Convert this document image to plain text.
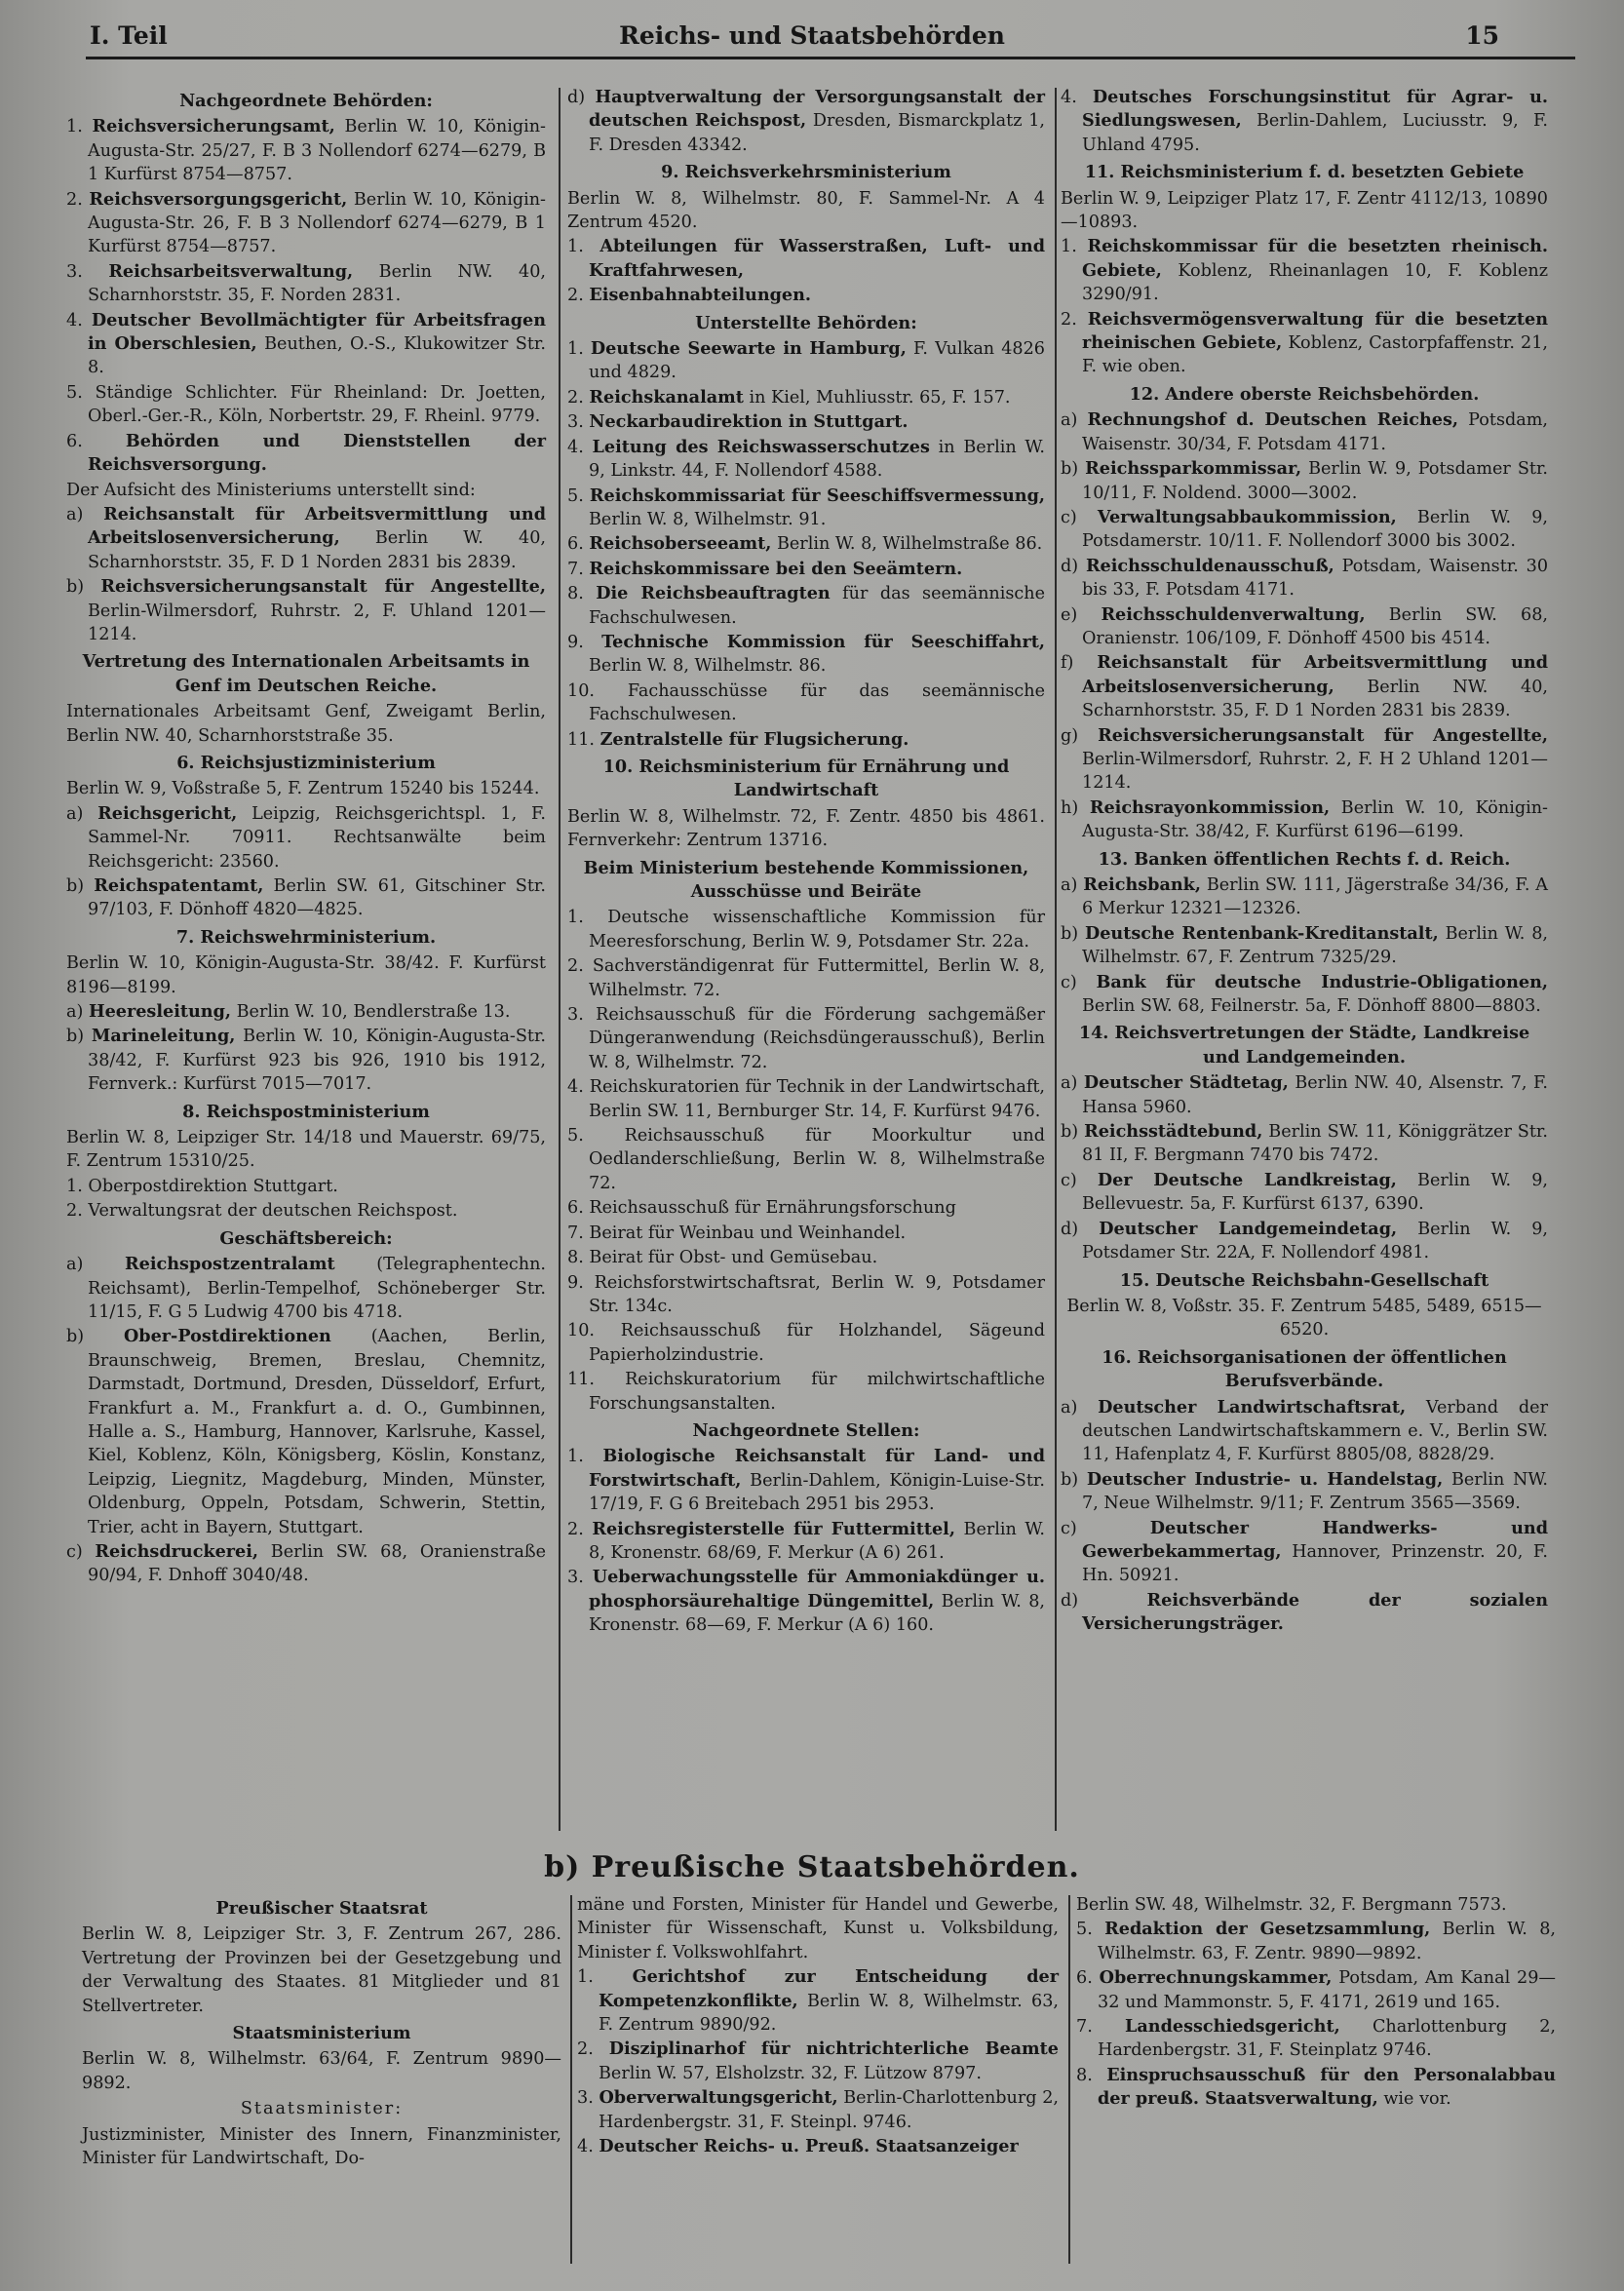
I. Teil	Reichs- und Staatsbehörden	15

Nachgeordnete Behörden:

1. Reichsversicherungsamt, Berlin W. 10, Königin-Augusta-Str. 25/27, F. B 3 Nollendorf 6274—6279, B 1 Kurfürst 8754—8757.

2. Reichsversorgungsgericht, Berlin W. 10, Königin-Augusta-Str. 26, F. B 3 Nollendorf 6274—6279, B 1 Kurfürst 8754—8757.

3. Reichsarbeitsverwaltung, Berlin NW. 40, Scharnhorststr. 35, F. Norden 2831.

4. Deutscher Bevollmächtigter für Arbeitsfragen in Oberschlesien, Beuthen, O.-S., Klukowitzer Str. 8.

5. Ständige Schlichter. Für Rheinland: Dr. Joetten, Oberl.-Ger.-R., Köln, Norbertstr. 29, F. Rheinl. 9779.

6.	Behörden und Dienststellen der Reichsversorgung.

Der Aufsicht des Ministeriums unterstellt sind:

a) Reichsanstalt für Arbeitsvermittlung und Arbeitslosenversicherung, Berlin W. 40, Scharnhorststr. 35, F. D 1 Norden 2831 bis 2839.

b) Reichsversicherungsanstalt für Angestellte, Berlin-Wilmersdorf, Ruhrstr. 2, F. Uhland 1201—1214.

Vertretung des Internationalen Arbeitsamts in Genf im Deutschen Reiche.

Internationales Arbeitsamt Genf, Zweigamt Berlin, Berlin NW. 40, Scharnhorststraße 35.

6. Reichsjustizministerium

Berlin W. 9, Voßstraße 5, F. Zentrum 15240 bis 15244.

a) Reichsgericht, Leipzig, Reichsgerichtspl. 1, F. Sammel-Nr. 70911. Rechtsanwälte beim Reichsgericht: 23560.

b) Reichspatentamt, Berlin SW. 61, Gitschiner Str. 97/103, F. Dönhoff 4820—4825.

7. Reichswehrministerium.

Berlin W. 10, Königin-Augusta-Str. 38/42. F. Kurfürst 8196—8199.

a) Heeresleitung, Berlin W. 10, Bendlerstraße 13.

b) Marineleitung, Berlin W. 10, Königin-Augusta-Str. 38/42, F. Kurfürst 923 bis 926, 1910 bis 1912, Fernverk.: Kurfürst 7015—7017.

8. Reichspostministerium

Berlin W. 8, Leipziger Str. 14/18 und Mauerstr. 69/75, F. Zentrum 15310/25.

1. Oberpostdirektion Stuttgart.

2. Verwaltungsrat der deutschen Reichspost.

Geschäftsbereich:

a) Reichspostzentralamt (Telegraphentechn. Reichsamt), Berlin-Tempelhof, Schöneberger Str. 11/15, F. G 5 Ludwig 4700 bis 4718.

b) Ober-Postdirektionen (Aachen, Berlin, Braunschweig, Bremen, Breslau, Chemnitz, Darmstadt, Dortmund, Dresden, Düsseldorf, Erfurt, Frankfurt a. M., Frankfurt a. d. O., Gumbinnen, Halle a. S., Hamburg, Hannover, Karlsruhe, Kassel, Kiel, Koblenz, Köln, Königsberg, Köslin, Konstanz, Leipzig, Liegnitz, Magdeburg, Minden, Münster, Oldenburg, Oppeln, Potsdam, Schwerin, Stettin, Trier, acht in Bayern, Stuttgart.

c) Reichsdruckerei, Berlin SW. 68, Oranienstraße 90/94, F. Dnhoff 3040/48.

d) Hauptverwaltung der Versorgungsanstalt der deutschen Reichspost, Dresden, Bismarckplatz 1, F. Dresden 43342.

9. Reichsverkehrsministerium

Berlin W. 8, Wilhelmstr. 80, F. Sammel-Nr. A 4 Zentrum 4520.

1. Abteilungen für Wasserstraßen, Luft- und Kraftfahrwesen,

2. Eisenbahnabteilungen.

Unterstellte Behörden:

1. Deutsche Seewarte in Hamburg, F. Vulkan 4826 und 4829.

2. Reichskanalamt in Kiel, Muhliusstr. 65, F. 157.

3. Neckarbaudirektion in Stuttgart.

4. Leitung des Reichswasserschutzes in Berlin W. 9, Linkstr. 44, F. Nollendorf 4588.

5. Reichskommissariat für Seeschiffsvermessung, Berlin W. 8, Wilhelmstr. 91.

6. Reichsoberseeamt, Berlin W. 8, Wilhelmstraße 86.

7. Reichskommissare bei den Seeämtern.

8. Die Reichsbeauftragten für das seemännische Fachschulwesen.

9. Technische Kommission für Seeschiffahrt, Berlin W. 8, Wilhelmstr. 86.

10. Fachausschüsse für das seemännische Fachschulwesen.

11. Zentralstelle für Flugsicherung.

10. Reichsministerium für Ernährung und Landwirtschaft

Berlin W. 8, Wilhelmstr. 72, F. Zentr. 4850 bis 4861. Fernverkehr: Zentrum 13716.

Beim Ministerium bestehende Kommissionen, Ausschüsse und Beiräte

1. Deutsche wissenschaftliche Kommission für Meeresforschung, Berlin W. 9, Potsdamer Str. 22a.

2. Sachverständigenrat für Futtermittel, Berlin W. 8, Wilhelmstr. 72.

3. Reichsausschuß für die Förderung sachgemäßer Düngeranwendung (Reichsdüngerausschuß), Berlin W. 8, Wilhelmstr. 72.

4. Reichskuratorien für Technik in der Landwirtschaft, Berlin SW. 11, Bernburger Str. 14, F. Kurfürst 9476.

5. Reichsausschuß für Moorkultur und Oedlanderschließung, Berlin W. 8, Wilhelmstraße 72.

6. Reichsausschuß für Ernährungsforschung

7. Beirat für Weinbau und Weinhandel.

8. Beirat für Obst- und Gemüsebau.

9. Reichsforstwirtschaftsrat, Berlin W. 9, Potsdamer Str. 134c.

10. Reichsausschuß für Holzhandel, Sägeund Papierholzindustrie.

11. Reichskuratorium für milchwirtschaftliche Forschungsanstalten.

Nachgeordnete Stellen:

1. Biologische Reichsanstalt für Land- und Forstwirtschaft, Berlin-Dahlem, Königin-Luise-Str. 17/19, F. G 6 Breitebach 2951 bis 2953.

2. Reichsregisterstelle für Futtermittel, Berlin W. 8, Kronenstr. 68/69, F. Merkur (A 6) 261.

3. Ueberwachungsstelle für Ammoniakdünger u. phosphorsäurehaltige Düngemittel, Berlin W. 8, Kronenstr. 68—69, F. Merkur (A 6) 160.

4. Deutsches Forschungsinstitut für Agrar- u. Siedlungswesen, Berlin-Dahlem, Luciusstr. 9, F. Uhland 4795.

11. Reichsministerium f. d. besetzten Gebiete

Berlin W. 9, Leipziger Platz 17, F. Zentr 4112/13, 10890—10893.

1. Reichskommissar für die besetzten rheinisch. Gebiete, Koblenz, Rheinanlagen 10, F. Koblenz 3290/91.

2. Reichsvermögensverwaltung für die besetzten rheinischen Gebiete, Koblenz, Castorpfaffenstr. 21, F. wie oben.

12. Andere oberste Reichsbehörden.

a) Rechnungshof d. Deutschen Reiches, Potsdam, Waisenstr. 30/34, F. Potsdam 4171.

b) Reichssparkommissar, Berlin W. 9, Potsdamer Str. 10/11, F. Noldend. 3000—3002.

c) Verwaltungsabbaukommission, Berlin W. 9, Potsdamerstr. 10/11. F. Nollendorf 3000 bis 3002.

d) Reichsschuldenausschuß, Potsdam, Waisenstr. 30 bis 33, F. Potsdam 4171.

e) Reichsschuldenverwaltung, Berlin SW. 68, Oranienstr. 106/109, F. Dönhoff 4500 bis 4514.

f) Reichsanstalt für Arbeitsvermittlung und Arbeitslosenversicherung, Berlin NW. 40, Scharnhorststr. 35, F. D 1 Norden 2831 bis 2839.

g) Reichsversicherungsanstalt für Angestellte, Berlin-Wilmersdorf, Ruhrstr. 2, F. H 2 Uhland 1201—1214.

h) Reichsrayonkommission, Berlin W. 10, Königin-Augusta-Str. 38/42, F. Kurfürst 6196—6199.

13. Banken öffentlichen Rechts f. d. Reich.

a) Reichsbank, Berlin SW. 111, Jägerstraße 34/36, F. A 6 Merkur 12321—12326.

b) Deutsche Rentenbank-Kreditanstalt, Berlin W. 8, Wilhelmstr. 67, F. Zentrum 7325/29.

c) Bank für deutsche Industrie-Obligationen, Berlin SW. 68, Feilnerstr. 5a, F. Dönhoff 8800—8803.

14. Reichsvertretungen der Städte, Landkreise und Landgemeinden.

a) Deutscher Städtetag, Berlin NW. 40, Alsenstr. 7, F. Hansa 5960.

b) Reichsstädtebund, Berlin SW. 11, Königgrätzer Str. 81 II, F. Bergmann 7470 bis 7472.

c) Der Deutsche Landkreistag, Berlin W. 9, Bellevuestr. 5a, F. Kurfürst 6137, 6390.

d) Deutscher Landgemeindetag, Berlin W. 9, Potsdamer Str. 22A, F. Nollendorf 4981.

15. Deutsche Reichsbahn-Gesellschaft

Berlin W. 8, Voßstr. 35. F. Zentrum 5485, 5489, 6515—6520.

16. Reichsorganisationen der öffentlichen Berufsverbände.

a) Deutscher Landwirtschaftsrat, Verband der deutschen Landwirtschaftskammern e. V., Berlin SW. 11, Hafenplatz 4, F. Kurfürst 8805/08, 8828/29.

b) Deutscher Industrie- u. Handelstag, Berlin NW. 7, Neue Wilhelmstr. 9/11; F. Zentrum 3565—3569.

c)	Deutscher Handwerks- und Gewerbekammertag, Hannover, Prinzenstr. 20, F. Hn. 50921.

d)	Reichsverbände der sozialen Versicherungsträger.

b) Preußische Staatsbehörden.

Preußischer Staatsrat

Berlin W. 8, Leipziger Str. 3, F. Zentrum 267, 286. Vertretung der Provinzen bei der Gesetzgebung und der Verwaltung des Staates. 81 Mitglieder und 81 Stellvertreter.

Staatsministerium

Berlin W. 8, Wilhelmstr. 63/64, F. Zentrum 9890—9892.

Staatsminister:

Justizminister, Minister des Innern, Finanzminister, Minister für Landwirtschaft, Do-

mäne und Forsten, Minister für Handel und Gewerbe, Minister für Wissenschaft, Kunst u. Volksbildung, Minister f. Volkswohlfahrt.

1. Gerichtshof zur Entscheidung der Kompetenzkonflikte, Berlin W. 8, Wilhelmstr. 63, F. Zentrum 9890/92.

2. Disziplinarhof für nichtrichterliche Beamte Berlin W. 57, Elsholzstr. 32, F. Lützow 8797.

3. Oberverwaltungsgericht, Berlin-Charlottenburg 2, Hardenbergstr. 31, F. Steinpl. 9746.

4. Deutscher Reichs- u. Preuß. Staatsanzeiger

Berlin SW. 48, Wilhelmstr. 32, F. Bergmann 7573.

5. Redaktion der Gesetzsammlung, Berlin W. 8, Wilhelmstr. 63, F. Zentr. 9890—9892.

6. Oberrechnungskammer, Potsdam, Am Kanal 29—32 und Mammonstr. 5, F. 4171, 2619 und 165.

7. Landesschiedsgericht, Charlottenburg 2, Hardenbergstr. 31, F. Steinplatz 9746.

8. Einspruchsausschuß für den Personalabbau der preuß. Staatsverwaltung, wie vor.
